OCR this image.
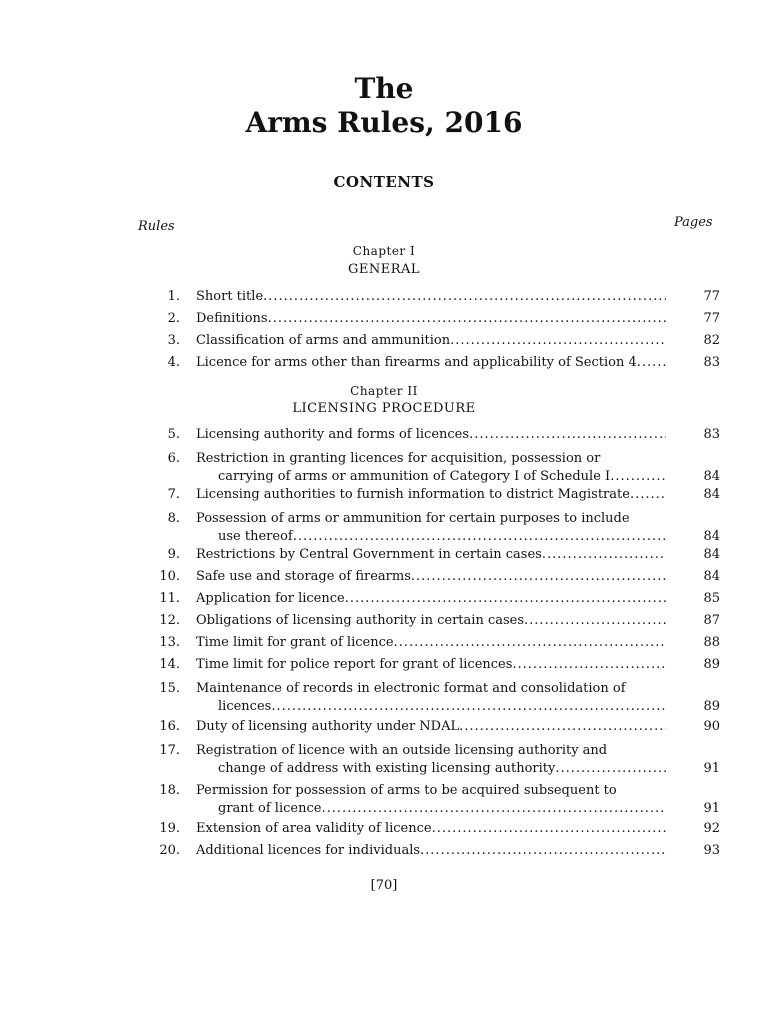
The
Arms Rules, 2016
CONTENTS
Rules	Pages
Chapter I
GENERAL
Chapter II
LICENSING PROCEDURE
1. Short title .....	77
2. Definitions .....	77
3. Classification of arms and ammunition .....	82
4. Licence for arms other than firearms and applicability of Section 4 .....	83
5. Licensing authority and forms of licences .....	83
6. Restriction in granting licences for acquisition, possession or
carrying of arms or ammunition of Category I of Schedule I .....	84
7. Licensing authorities to furnish information to district Magistrate .....	84
8. Possession of arms or ammunition for certain purposes to include
use thereof .....	84
9. Restrictions by Central Government in certain cases .....	84
10. Safe use and storage of firearms .....	84
11. Application for licence .....	85
12. Obligations of licensing authority in certain cases .....	87
13. Time limit for grant of licence .....	88
14. Time limit for police report for grant of licences .....	89
15. Maintenance of records in electronic format and consolidation of
licences .....	89
16. Duty of licensing authority under NDAL .....	90
17. Registration of licence with an outside licensing authority and
change of address with existing licensing authority .....	91
18. Permission for possession of arms to be acquired subsequent to
grant of licence .....	91
19. Extension of area validity of licence .....	92
20. Additional licences for individuals .....	93
[70]
